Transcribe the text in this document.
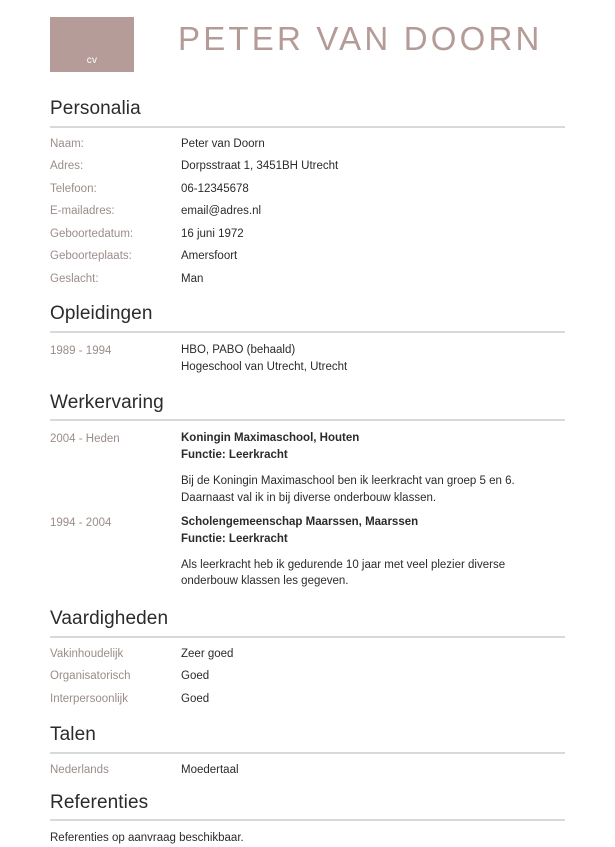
cv
PETER VAN DOORN
Personalia
Naam:	Peter van Doorn
Adres:	Dorpsstraat 1, 3451BH Utrecht
Telefoon:	06-12345678
E-mailadres:	email@adres.nl
Geboortedatum:	16 juni 1972
Geboorteplaats:	Amersfoort
Geslacht:	Man
Opleidingen
1989 - 1994	HBO, PABO (behaald)
Hogeschool van Utrecht, Utrecht
Werkervaring
2004 - Heden	Koningin Maximaschool, Houten
Functie: Leerkracht
Bij de Koningin Maximaschool ben ik leerkracht van groep 5 en 6. Daarnaast val ik in bij diverse onderbouw klassen.
1994 - 2004	Scholengemeenschap Maarssen, Maarssen
Functie: Leerkracht
Als leerkracht heb ik gedurende 10 jaar met veel plezier diverse onderbouw klassen les gegeven.
Vaardigheden
Vakinhoudelijk	Zeer goed
Organisatorisch	Goed
Interpersoonlijk	Goed
Talen
Nederlands	Moedertaal
Referenties
Referenties op aanvraag beschikbaar.
